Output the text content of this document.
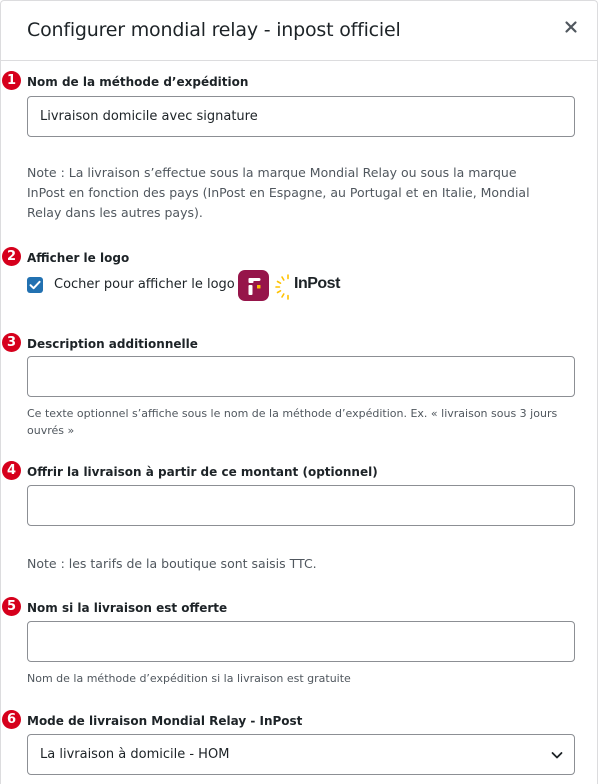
Configurer mondial relay - inpost officiel
1 Nom de la méthode d’expédition
Livraison domicile avec signature
Note : La livraison s’effectue sous la marque Mondial Relay ou sous la marque InPost en fonction des pays (InPost en Espagne, au Portugal et en Italie, Mondial Relay dans les autres pays).
2 Afficher le logo
Cocher pour afficher le logo	InPost
3 Description additionnelle
Ce texte optionnel s’affiche sous le nom de la méthode d’expédition. Ex. « livraison sous 3 jours ouvrés »
4 Offrir la livraison à partir de ce montant (optionnel)
Note : les tarifs de la boutique sont saisis TTC.
5 Nom si la livraison est offerte
Nom de la méthode d’expédition si la livraison est gratuite
6 Mode de livraison Mondial Relay - InPost
La livraison à domicile - HOM
